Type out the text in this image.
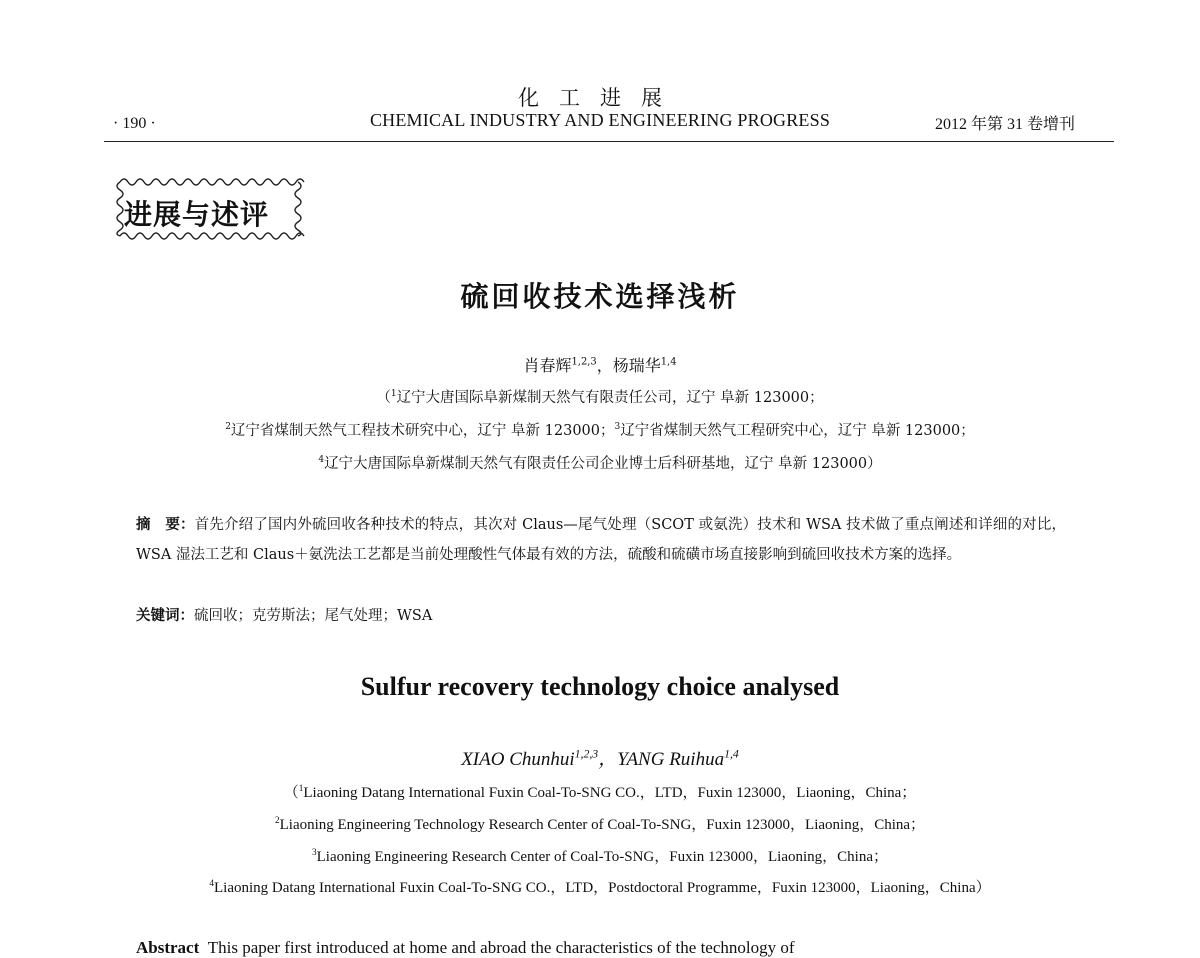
化工进展
· 190 ·	CHEMICAL INDUSTRY AND ENGINEERING PROGRESS	2012 年第 31 卷增刊
进展与述评
硫回收技术选择浅析
肖春辉$^{1,2,3}$，杨瑞华$^{1,4}$
（$^1$辽宁大唐国际阜新煤制天然气有限责任公司，辽宁 阜新 123000；
$^2$辽宁省煤制天然气工程技术研究中心，辽宁 阜新 123000；$^3$辽宁省煤制天然气工程研究中心，辽宁 阜新 123000；
$^4$辽宁大唐国际阜新煤制天然气有限责任公司企业博士后科研基地，辽宁 阜新 123000）
摘　要：首先介绍了国内外硫回收各种技术的特点，其次对 Claus—尾气处理（SCOT 或氨洗）技术和 WSA 技术做了重点阐述和详细的对比，WSA 湿法工艺和 Claus＋氨洗法工艺都是当前处理酸性气体最有效的方法，硫酸和硫磺市场直接影响到硫回收技术方案的选择。
关键词：硫回收；克劳斯法；尾气处理；WSA
Sulfur recovery technology choice analysed
XIAO Chunhui$^{1,2,3}$，YANG Ruihua$^{1,4}$
（$^1$Liaoning Datang International Fuxin Coal-To-SNG CO.，LTD，Fuxin 123000，Liaoning，China；
$^2$Liaoning Engineering Technology Research Center of Coal-To-SNG，Fuxin 123000，Liaoning，China；
$^3$Liaoning Engineering Research Center of Coal-To-SNG，Fuxin 123000，Liaoning，China；
$^4$Liaoning Datang International Fuxin Coal-To-SNG CO.，LTD，Postdoctoral Programme，Fuxin 123000，Liaoning，China）
Abstract This paper first introduced at home and abroad the characteristics of the technology of
